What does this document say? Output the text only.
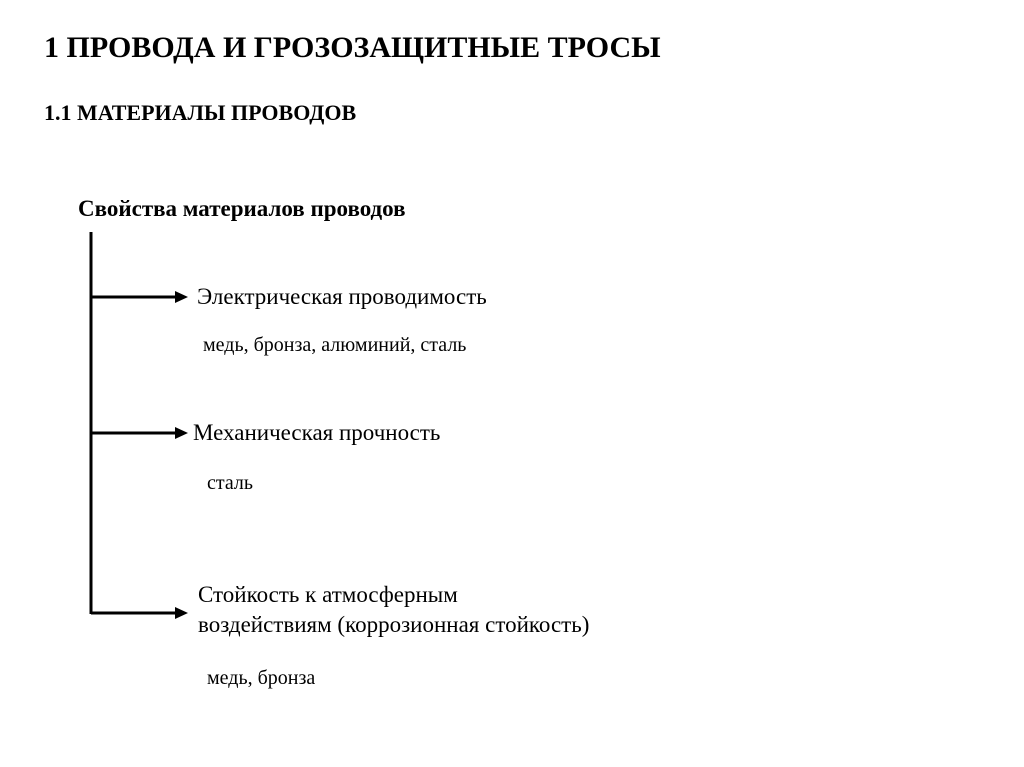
1 ПРОВОДА И ГРОЗОЗАЩИТНЫЕ ТРОСЫ
1.1 МАТЕРИАЛЫ ПРОВОДОВ
Свойства материалов проводов
Электрическая проводимость
медь, бронза, алюминий, сталь
Механическая прочность
сталь
Стойкость к атмосферным
воздействиям (коррозионная стойкость)
медь, бронза
